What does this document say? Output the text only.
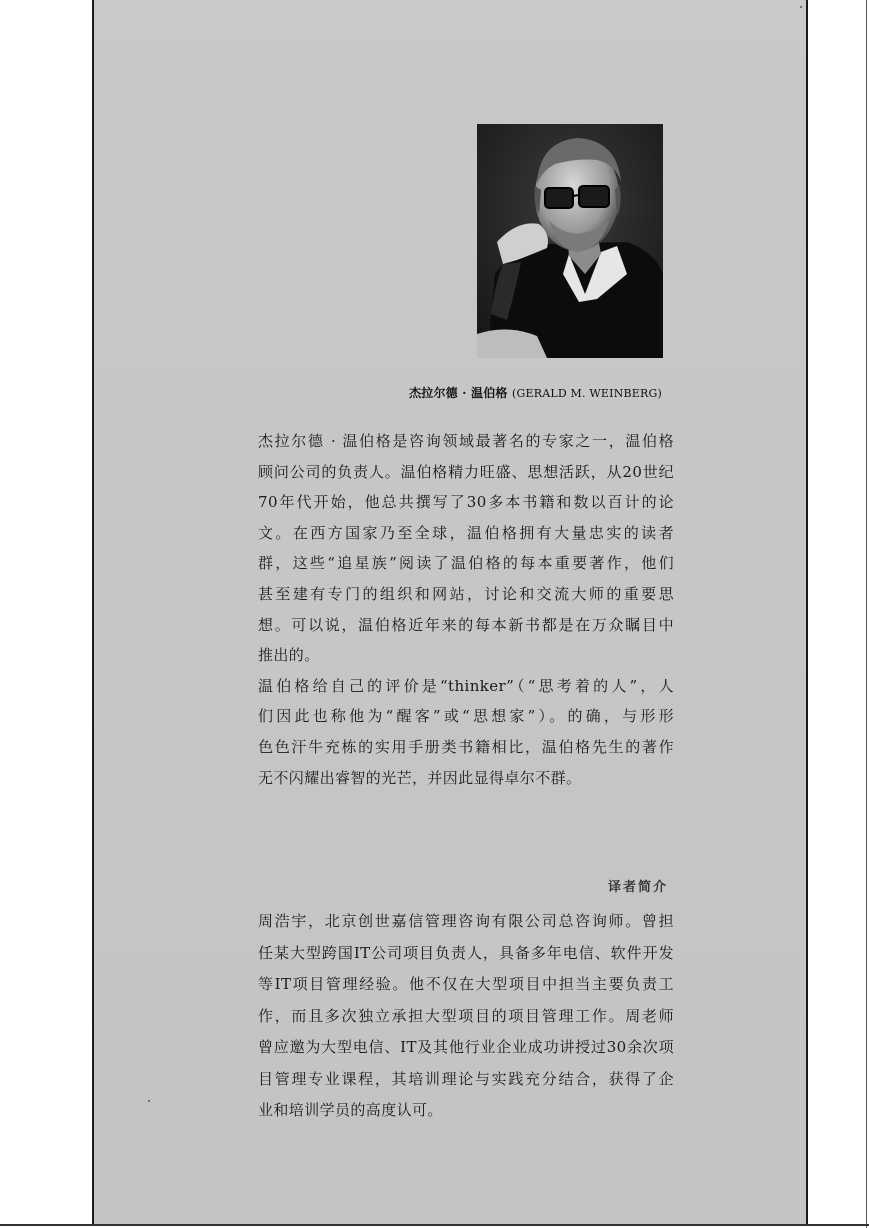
杰拉尔德 · 温伯格 (GERALD M. WEINBERG)
杰拉尔德 · 温伯格是咨询领域最著名的专家之一，温伯格
顾问公司的负责人。温伯格精力旺盛、思想活跃，从20世纪
70年代开始，他总共撰写了30多本书籍和数以百计的论
文。在西方国家乃至全球，温伯格拥有大量忠实的读者
群，这些“追星族”阅读了温伯格的每本重要著作，他们
甚至建有专门的组织和网站，讨论和交流大师的重要思
想。可以说，温伯格近年来的每本新书都是在万众瞩目中
推出的。
温伯格给自己的评价是“thinker”（“思考着的人”，人
们因此也称他为“醒客”或“思想家”）。的确，与形形
色色汗牛充栋的实用手册类书籍相比，温伯格先生的著作
无不闪耀出睿智的光芒，并因此显得卓尔不群。
译者简介
周浩宇，北京创世嘉信管理咨询有限公司总咨询师。曾担
任某大型跨国IT公司项目负责人，具备多年电信、软件开发
等IT项目管理经验。他不仅在大型项目中担当主要负责工
作，而且多次独立承担大型项目的项目管理工作。周老师
曾应邀为大型电信、IT及其他行业企业成功讲授过30余次项
目管理专业课程，其培训理论与实践充分结合，获得了企
业和培训学员的高度认可。
